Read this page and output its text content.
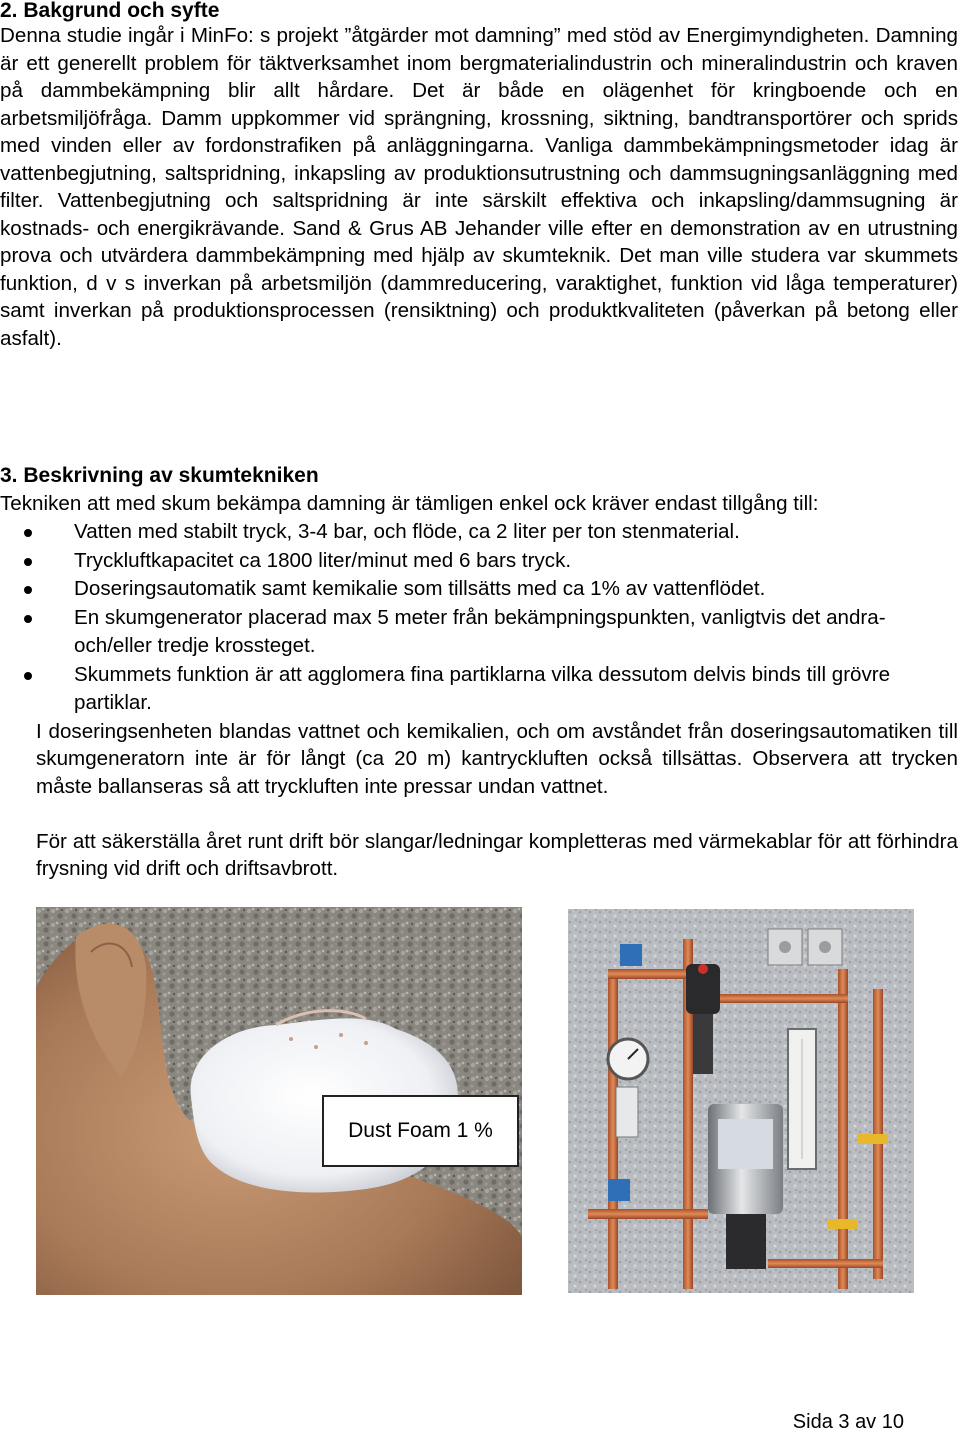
2. Bakgrund och syfte

Denna studie ingår i MinFo: s projekt ”åtgärder mot damning” med stöd av Energimyndigheten. Damning är ett generellt problem för täktverksamhet inom bergmaterialindustrin och mineralindustrin och kraven på dammbekämpning blir allt hårdare. Det är både en olägenhet för kringboende och en arbetsmiljöfråga. Damm uppkommer vid sprängning, krossning, siktning, bandtransportörer och sprids med vinden eller av fordonstrafiken på anläggningarna. Vanliga dammbekämpningsmetoder idag är vattenbegjutning, saltspridning, inkapsling av produktionsutrustning och dammsugningsanläggning med filter. Vattenbegjutning och saltspridning är inte särskilt effektiva och inkapsling/dammsugning är kostnads- och energikrävande. Sand & Grus AB Jehander ville efter en demonstration av en utrustning prova och utvärdera dammbekämpning med hjälp av skumteknik. Det man ville studera var skummets funktion, d v s inverkan på arbetsmiljön (dammreducering, varaktighet, funktion vid låga temperaturer) samt inverkan på produktionsprocessen (rensiktning) och produktkvaliteten (påverkan på betong eller asfalt).

3. Beskrivning av skumtekniken

Tekniken att med skum bekämpa damning är tämligen enkel ock kräver endast tillgång till:

Vatten med stabilt tryck, 3-4 bar, och flöde, ca 2 liter per ton stenmaterial.
Tryckluftkapacitet ca 1800 liter/minut med 6 bars tryck.
Doseringsautomatik samt kemikalie som tillsätts med ca 1% av vattenflödet.
En skumgenerator placerad max 5 meter från bekämpningspunkten, vanligtvis det andra- och/eller tredje krossteget.
Skummets funktion är att agglomera fina partiklarna vilka dessutom delvis binds till grövre partiklar.

I doseringsenheten blandas vattnet och kemikalien, och om avståndet från doseringsautomatiken till skumgeneratorn inte är för långt (ca 20 m) kantryckluften också tillsättas. Observera att trycken måste ballanseras så att tryckluften inte pressar undan vattnet.

För att säkerställa året runt drift bör slangar/ledningar kompletteras med värmekablar för att förhindra frysning vid drift och driftsavbrott.

Dust Foam 1 %
Sida 3 av 10
